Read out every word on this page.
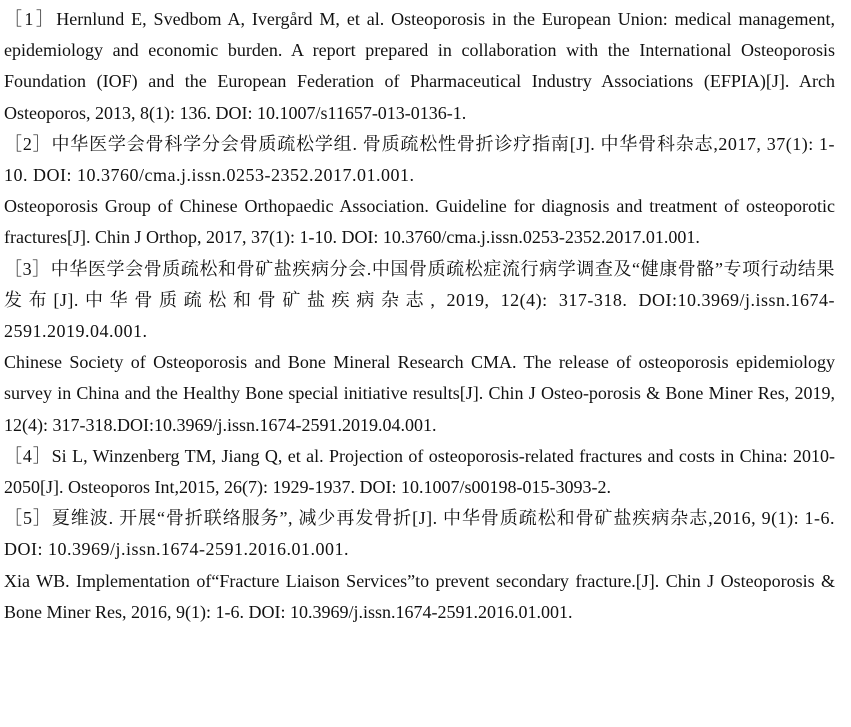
［1］Hernlund E, Svedbom A, Ivergård M, et al. Osteoporosis in the European Union: medical management, epidemiology and economic burden. A report prepared in collaboration with the International Osteoporosis Foundation (IOF) and the European Federation of Pharmaceutical Industry Associations (EFPIA)[J]. Arch Osteoporos, 2013, 8(1): 136. DOI: 10.1007/s11657-013-0136-1.

［2］中华医学会骨科学分会骨质疏松学组. 骨质疏松性骨折诊疗指南[J]. 中华骨科杂志,2017, 37(1): 1-10. DOI: 10.3760/cma.j.issn.0253-2352.2017.01.001.

Osteoporosis Group of Chinese Orthopaedic Association. Guideline for diagnosis and treatment of osteoporotic fractures[J]. Chin J Orthop, 2017, 37(1): 1-10. DOI: 10.3760/cma.j.issn.0253-2352.2017.01.001.

［3］中华医学会骨质疏松和骨矿盐疾病分会.中国骨质疏松症流行病学调查及“健康骨骼”专项行动结果发布[J].中华骨质疏松和骨矿盐疾病杂志, 2019, 12(4): 317-318. DOI:10.3969/j.issn.1674-2591.2019.04.001.

Chinese Society of Osteoporosis and Bone Mineral Research CMA. The release of osteoporosis epidemiology survey in China and the Healthy Bone special initiative results[J]. Chin J Osteo-porosis & Bone Miner Res, 2019, 12(4): 317-318.DOI:10.3969/j.issn.1674-2591.2019.04.001.

［4］Si L, Winzenberg TM, Jiang Q, et al. Projection of osteoporosis-related fractures and costs in China: 2010-2050[J]. Osteoporos Int,2015, 26(7): 1929-1937. DOI: 10.1007/s00198-015-3093-2.

［5］夏维波. 开展“骨折联络服务”, 减少再发骨折[J]. 中华骨质疏松和骨矿盐疾病杂志,2016, 9(1): 1-6. DOI: 10.3969/j.issn.1674-2591.2016.01.001.

Xia WB. Implementation of“Fracture Liaison Services”to prevent secondary fracture.[J]. Chin J Osteoporosis & Bone Miner Res, 2016, 9(1): 1-6. DOI: 10.3969/j.issn.1674-2591.2016.01.001.
